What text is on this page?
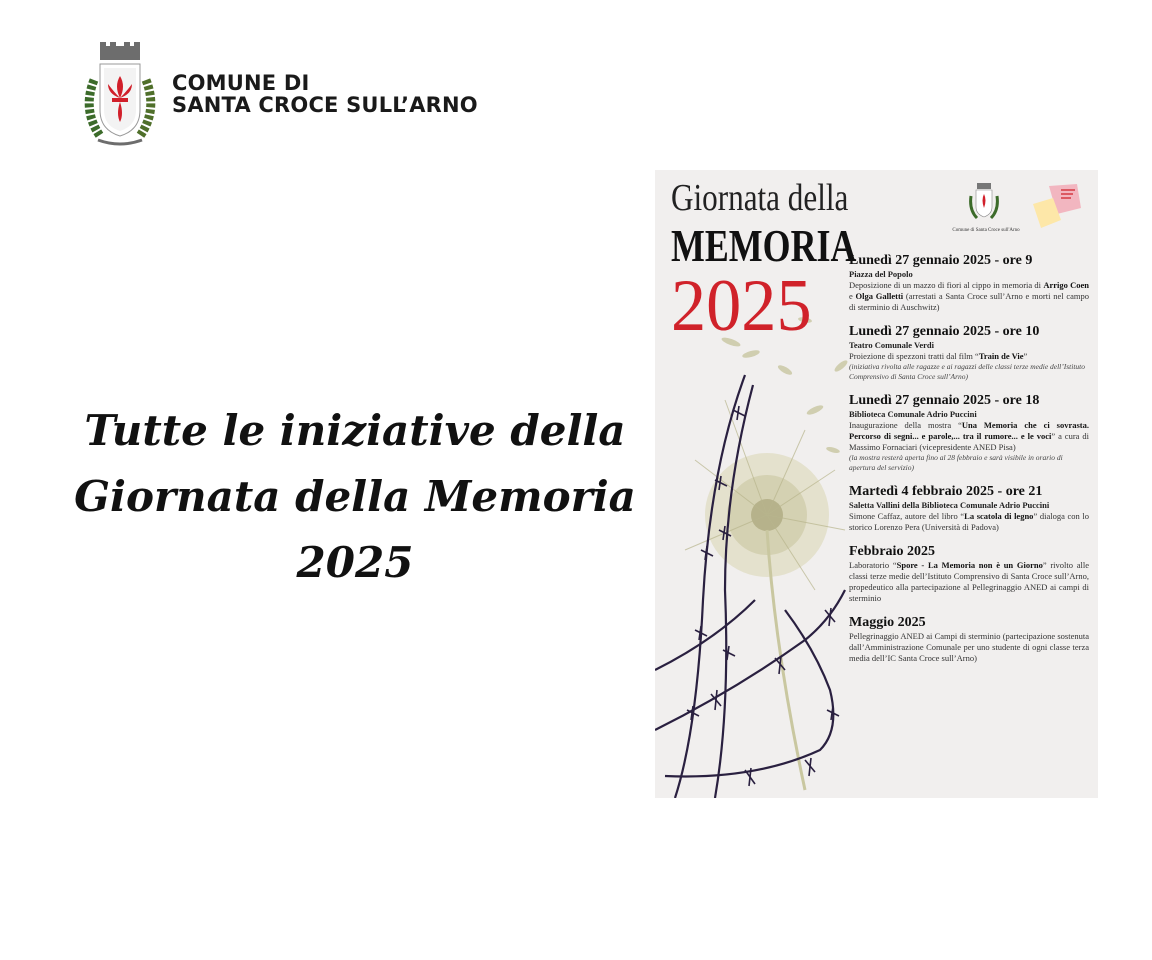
COMUNE DI
SANTA CROCE SULL’ARNO
Tutte le iniziative della
Giornata della Memoria
2025
Giornata della
MEMORIA
2025
Comune di Santa Croce sull'Arno
Lunedì 27 gennaio 2025 - ore 9
Piazza del Popolo
Deposizione di un mazzo di fiori al cippo in memoria di Arrigo Coen e Olga Galletti (arrestati a Santa Croce sull’Arno e morti nel campo di sterminio di Auschwitz)
Lunedì 27 gennaio 2025 - ore 10
Teatro Comunale Verdi
Proiezione di spezzoni tratti dal film “Train de Vie”
(iniziativa rivolta alle ragazze e ai ragazzi delle classi terze medie dell’Istituto Comprensivo di Santa Croce sull’Arno)
Lunedì 27 gennaio 2025 - ore 18
Biblioteca Comunale Adrio Puccini
Inaugurazione della mostra “Una Memoria che ci sovrasta. Percorso di segni... e parole,... tra il rumore... e le voci” a cura di Massimo Fornaciari (vicepresidente ANED Pisa)
(la mostra resterà aperta fino al 28 febbraio e sarà visibile in orario di apertura del servizio)
Martedì 4 febbraio 2025 - ore 21
Saletta Vallini della Biblioteca Comunale Adrio Puccini
Simone Caffaz, autore del libro “La scatola di legno” dialoga con lo storico Lorenzo Pera (Università di Padova)
Febbraio 2025
Laboratorio “Spore - La Memoria non è un Giorno” rivolto alle classi terze medie dell’Istituto Comprensivo di Santa Croce sull’Arno, propedeutico alla partecipazione al Pellegrinaggio ANED ai campi di sterminio
Maggio 2025
Pellegrinaggio ANED ai Campi di sterminio (partecipazione sostenuta dall’Amministrazione Comunale per uno studente di ogni classe terza media dell’IC Santa Croce sull’Arno)
